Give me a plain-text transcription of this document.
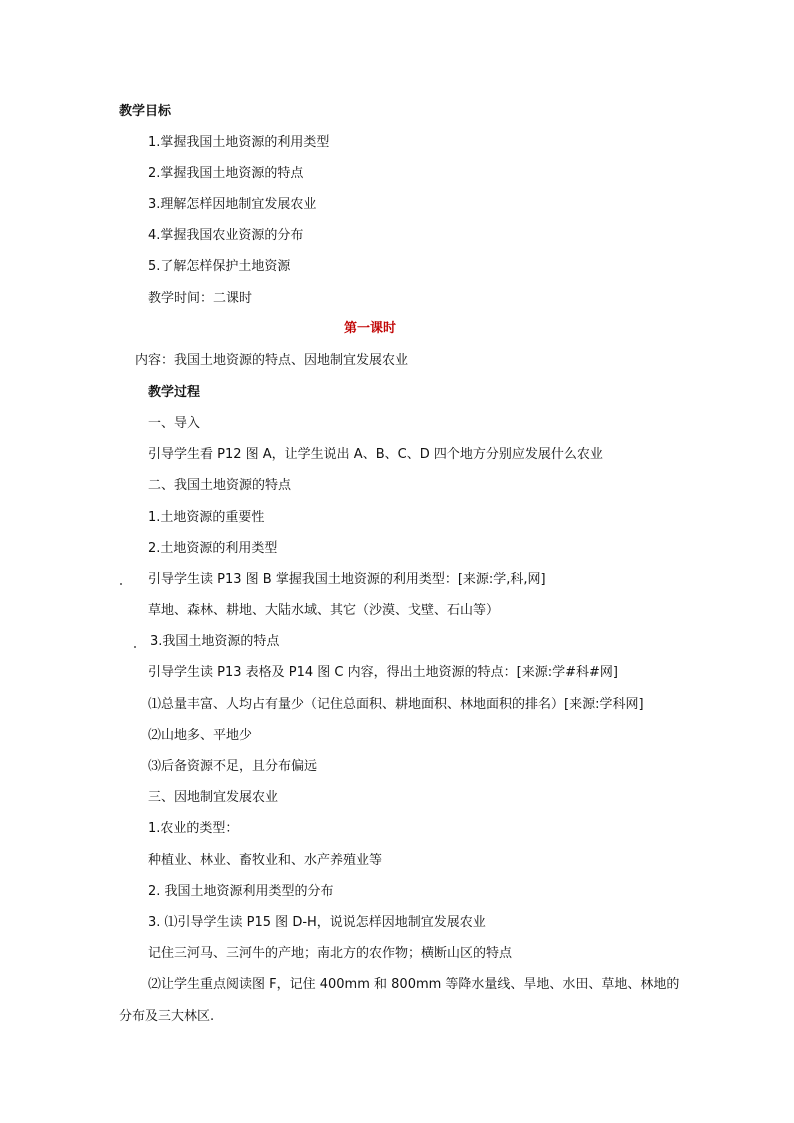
教学目标
1.掌握我国土地资源的利用类型
2.掌握我国土地资源的特点
3.理解怎样因地制宜发展农业
4.掌握我国农业资源的分布
5.了解怎样保护土地资源
教学时间：二课时
第一课时
内容：我国土地资源的特点、因地制宜发展农业
教学过程
一、导入
引导学生看 P12 图 A，让学生说出 A、B、C、D 四个地方分别应发展什么农业
二、我国土地资源的特点
1.土地资源的重要性
2.土地资源的利用类型
引导学生读 P13 图 B 掌握我国土地资源的利用类型：[来源:学,科,网]
草地、森林、耕地、大陆水域、其它（沙漠、戈壁、石山等）
3.我国土地资源的特点
引导学生读 P13 表格及 P14 图 C 内容，得出土地资源的特点：[来源:学#科#网]
⑴总量丰富、人均占有量少（记住总面积、耕地面积、林地面积的排名）[来源:学科网]
⑵山地多、平地少
⑶后备资源不足，且分布偏远
三、因地制宜发展农业
1.农业的类型：
种植业、林业、畜牧业和、水产养殖业等
2. 我国土地资源利用类型的分布
3. ⑴引导学生读 P15 图 D-H，说说怎样因地制宜发展农业
记住三河马、三河牛的产地；南北方的农作物；横断山区的特点
⑵让学生重点阅读图 F，记住 400mm 和 800mm 等降水量线、旱地、水田、草地、林地的
分布及三大林区.
